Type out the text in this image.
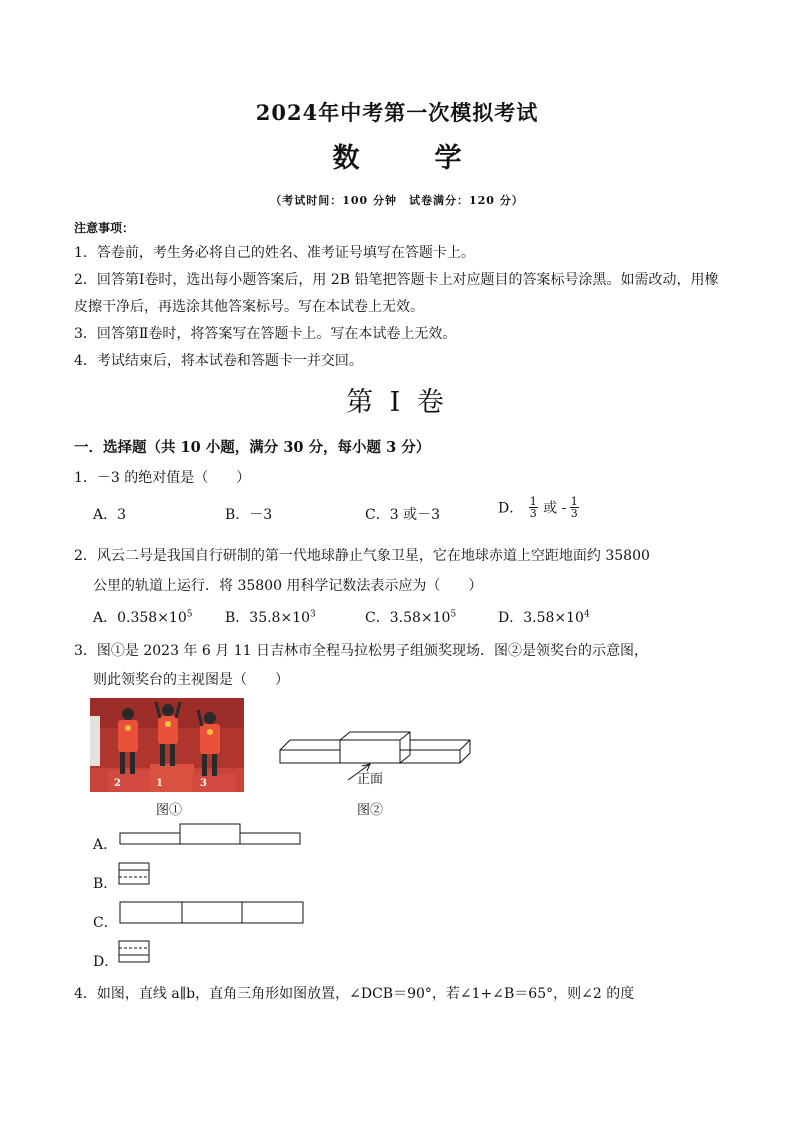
2024年中考第一次模拟考试
数　学
（考试时间：100 分钟　试卷满分：120 分）
注意事项：
1．答卷前，考生务必将自己的姓名、准考证号填写在答题卡上。
2．回答第Ⅰ卷时，选出每小题答案后，用 2B 铅笔把答题卡上对应题目的答案标号涂黑。如需改动，用橡
皮擦干净后，再选涂其他答案标号。写在本试卷上无效。
3．回答第Ⅱ卷时，将答案写在答题卡上。写在本试卷上无效。
4．考试结束后，将本试卷和答题卡一并交回。
第 I 卷
一．选择题（共 10 小题，满分 30 分，每小题 3 分）
1．－3 的绝对值是（　　）
A．3	B．－3	C．3 或－3	D． $\frac{1}{3}$ 或 - $\frac{1}{3}$
2．风云二号是我国自行研制的第一代地球静止气象卫星，它在地球赤道上空距地面约 35800
公里的轨道上运行．将 35800 用科学记数法表示应为（　　）
A．$0.358\times 10^5$ B．$35.8\times 10^3$	C．$3.58\times 10^5$	D．$3.58\times 10^4$
3．图①是 2023 年 6 月 11 日吉林市全程马拉松男子组颁奖现场．图②是领奖台的示意图，
则此领奖台的主视图是（　　）
2	1	3
图①
正面
图②
A．
B．
C．
D．
4．如图，直线 a∥b，直角三角形如图放置，∠DCB＝90°，若∠1+∠B＝65°，则∠2 的度
